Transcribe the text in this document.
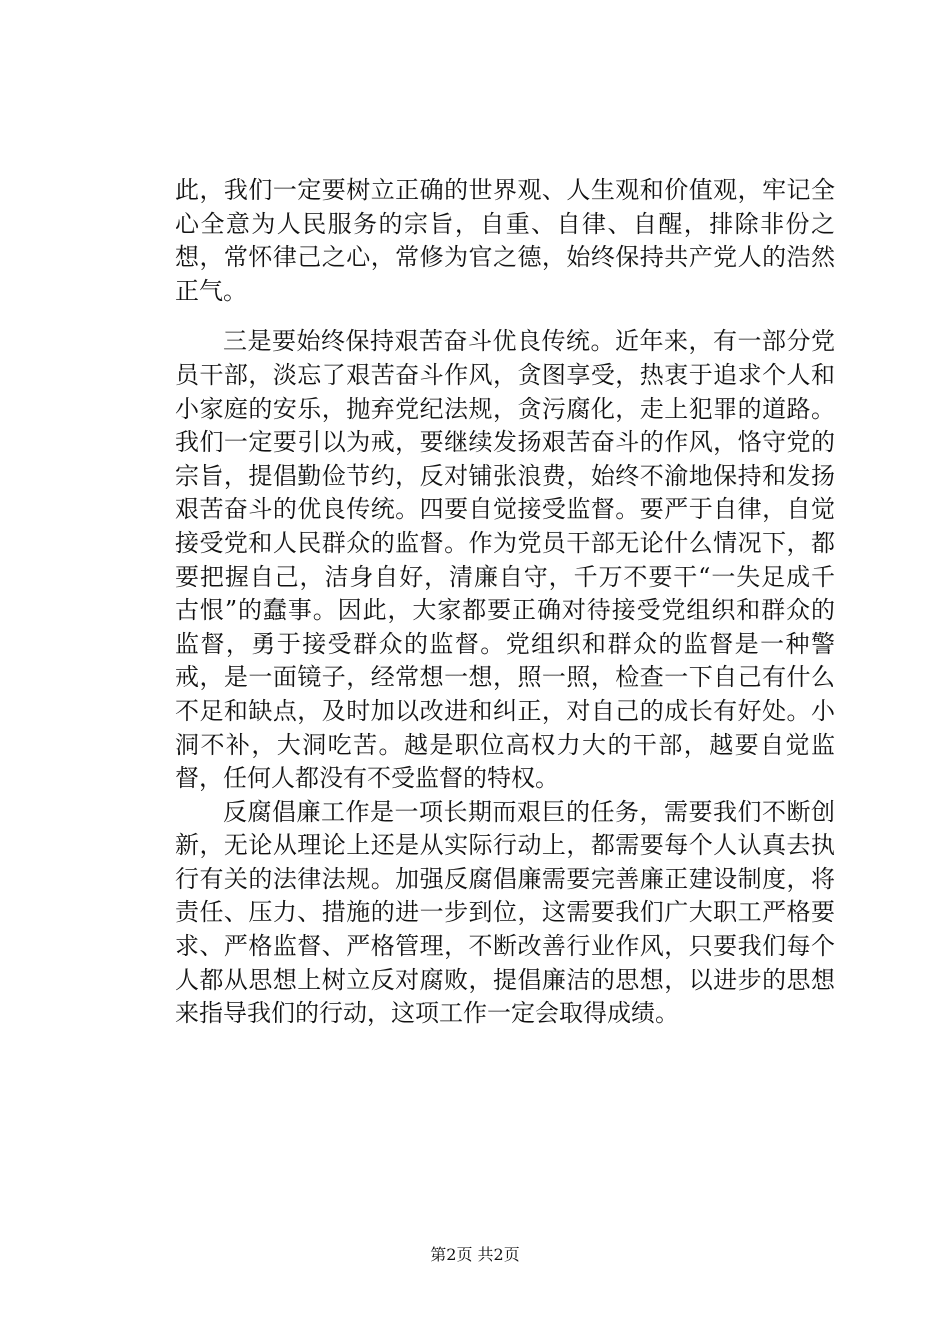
此，我们一定要树立正确的世界观、人生观和价值观，牢记全心全意为人民服务的宗旨，自重、自律、自醒，排除非份之想，常怀律己之心，常修为官之德，始终保持共产党人的浩然正气。

三是要始终保持艰苦奋斗优良传统。近年来，有一部分党员干部，淡忘了艰苦奋斗作风，贪图享受，热衷于追求个人和小家庭的安乐，抛弃党纪法规，贪污腐化，走上犯罪的道路。我们一定要引以为戒，要继续发扬艰苦奋斗的作风，恪守党的宗旨，提倡勤俭节约，反对铺张浪费，始终不渝地保持和发扬艰苦奋斗的优良传统。四要自觉接受监督。要严于自律，自觉接受党和人民群众的监督。作为党员干部无论什么情况下，都要把握自己，洁身自好，清廉自守，千万不要干“一失足成千古恨”的蠢事。因此，大家都要正确对待接受党组织和群众的监督，勇于接受群众的监督。党组织和群众的监督是一种警戒，是一面镜子，经常想一想，照一照，检查一下自己有什么不足和缺点，及时加以改进和纠正，对自己的成长有好处。小洞不补，大洞吃苦。越是职位高权力大的干部，越要自觉监督，任何人都没有不受监督的特权。

反腐倡廉工作是一项长期而艰巨的任务，需要我们不断创新，无论从理论上还是从实际行动上，都需要每个人认真去执行有关的法律法规。加强反腐倡廉需要完善廉正建设制度，将责任、压力、措施的进一步到位，这需要我们广大职工严格要求、严格监督、严格管理，不断改善行业作风，只要我们每个人都从思想上树立反对腐败，提倡廉洁的思想，以进步的思想来指导我们的行动，这项工作一定会取得成绩。

第2页 共2页
